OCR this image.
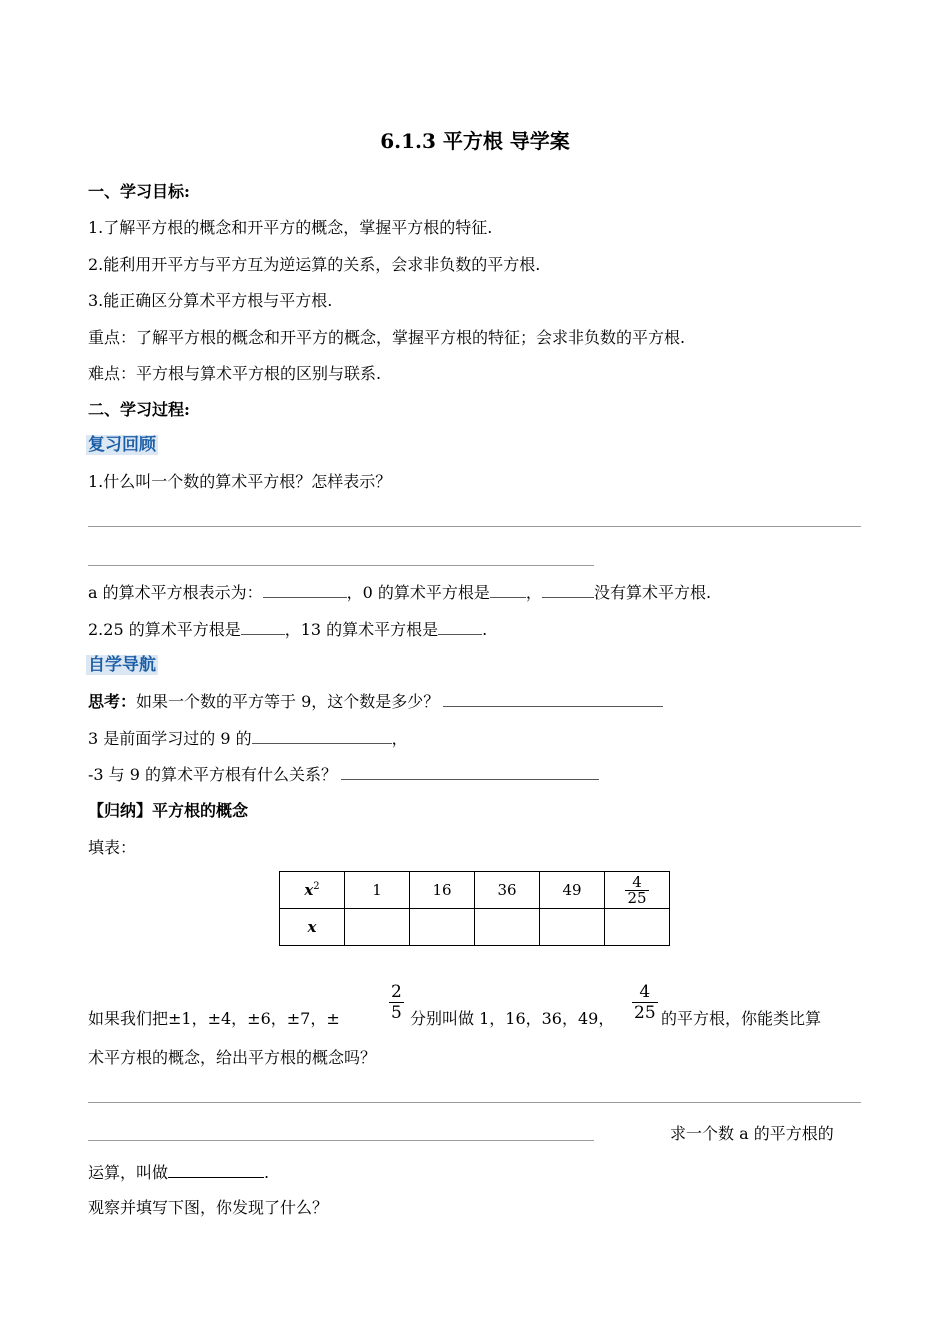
6.1.3 平方根 导学案
一、学习目标:
1.了解平方根的概念和开平方的概念，掌握平方根的特征.
2.能利用开平方与平方互为逆运算的关系，会求非负数的平方根.
3.能正确区分算术平方根与平方根.
重点：了解平方根的概念和开平方的概念，掌握平方根的特征；会求非负数的平方根.
难点：平方根与算术平方根的区别与联系.
二、学习过程:
复习回顾
1.什么叫一个数的算术平方根？怎样表示？
a 的算术平方根表示为：	，0 的算术平方根是 ，	没有算术平方根.
2.25 的算术平方根是	，13 的算术平方根是	.
自学导航
思考：如果一个数的平方等于 9，这个数是多少？
3 是前面学习过的 9 的	，
-3 与 9 的算术平方根有什么关系？
【归纳】平方根的概念
填表：
$x^2$	1	16	36	49	$\frac{4}{25}$

x					
如果我们把±1，±4，±6，±7，±	$\frac{2}{5}$ 分别叫做 1，16，36，49， $\frac{4}{25}$ 的平方根，你能类比算
术平方根的概念，给出平方根的概念吗？
求一个数 a 的平方根的
运算，叫做	.
观察并填写下图，你发现了什么？
